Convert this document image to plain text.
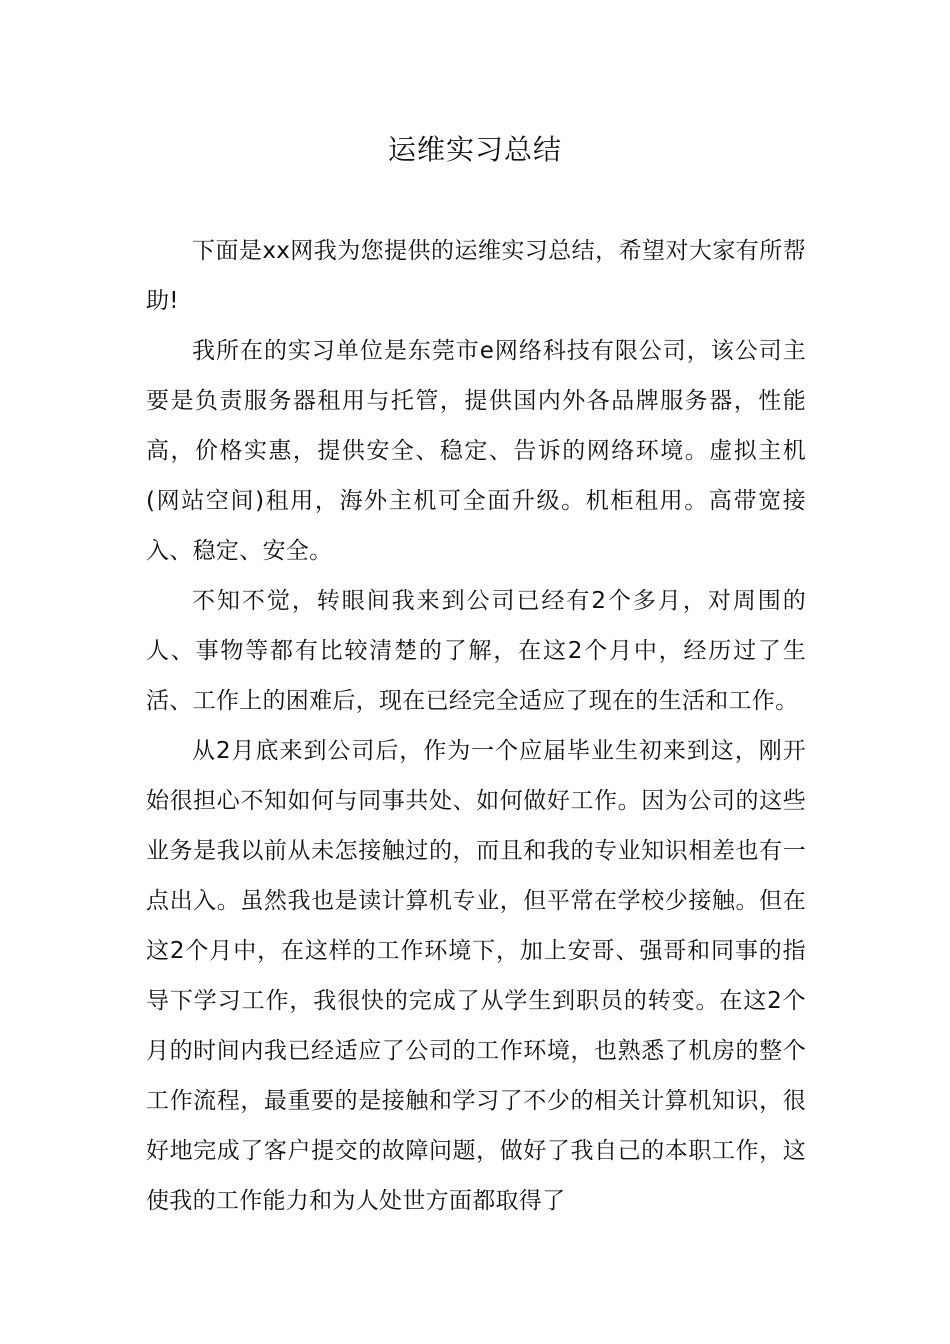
运维实习总结

下面是xx网我为您提供的运维实习总结，希望对大家有所帮助!

我所在的实习单位是东莞市e网络科技有限公司，该公司主要是负责服务器租用与托管，提供国内外各品牌服务器，性能高，价格实惠，提供安全、稳定、告诉的网络环境。虚拟主机(网站空间)租用，海外主机可全面升级。机柜租用。高带宽接入、稳定、安全。

不知不觉，转眼间我来到公司已经有2个多月，对周围的人、事物等都有比较清楚的了解，在这2个月中，经历过了生活、工作上的困难后，现在已经完全适应了现在的生活和工作。

从2月底来到公司后，作为一个应届毕业生初来到这，刚开始很担心不知如何与同事共处、如何做好工作。因为公司的这些业务是我以前从未怎接触过的，而且和我的专业知识相差也有一点出入。虽然我也是读计算机专业，但平常在学校少接触。但在这2个月中，在这样的工作环境下，加上安哥、强哥和同事的指导下学习工作，我很快的完成了从学生到职员的转变。在这2个月的时间内我已经适应了公司的工作环境，也熟悉了机房的整个工作流程，最重要的是接触和学习了不少的相关计算机知识，很好地完成了客户提交的故障问题，做好了我自己的本职工作，这使我的工作能力和为人处世方面都取得了
